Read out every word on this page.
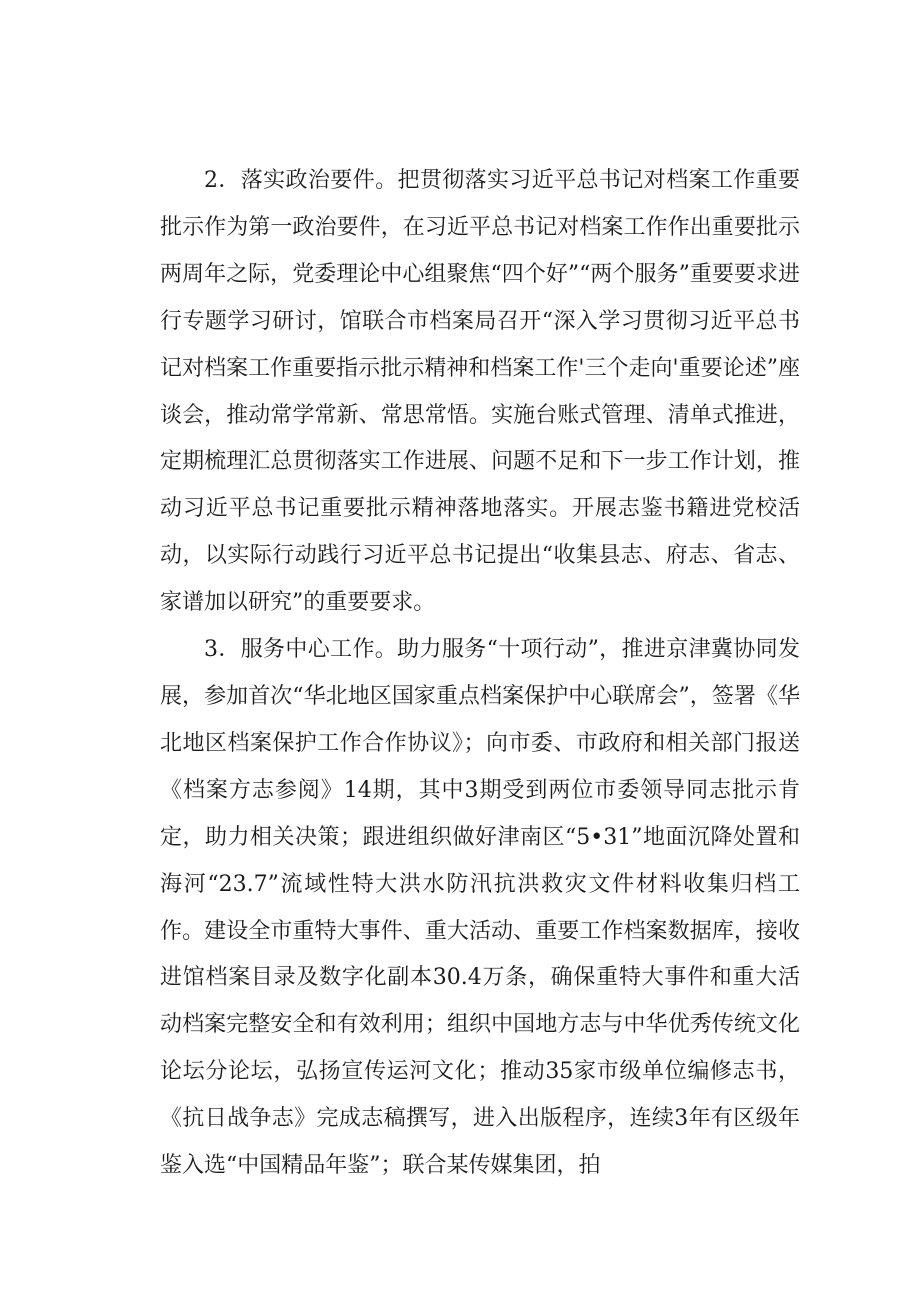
2．落实政治要件。把贯彻落实习近平总书记对档案工作重要批示作为第一政治要件，在习近平总书记对档案工作作出重要批示两周年之际，党委理论中心组聚焦“四个好”“两个服务”重要要求进行专题学习研讨，馆联合市档案局召开“深入学习贯彻习近平总书记对档案工作重要指示批示精神和档案工作'三个走向'重要论述”座谈会，推动常学常新、常思常悟。实施台账式管理、清单式推进，定期梳理汇总贯彻落实工作进展、问题不足和下一步工作计划，推动习近平总书记重要批示精神落地落实。开展志鉴书籍进党校活动，以实际行动践行习近平总书记提出“收集县志、府志、省志、家谱加以研究”的重要要求。

3．服务中心工作。助力服务“十项行动”，推进京津冀协同发展，参加首次“华北地区国家重点档案保护中心联席会”，签署《华北地区档案保护工作合作协议》；向市委、市政府和相关部门报送《档案方志参阅》14期，其中3期受到两位市委领导同志批示肯定，助力相关决策；跟进组织做好津南区“5•31”地面沉降处置和海河“23.7”流域性特大洪水防汛抗洪救灾文件材料收集归档工作。建设全市重特大事件、重大活动、重要工作档案数据库，接收进馆档案目录及数字化副本30.4万条，确保重特大事件和重大活动档案完整安全和有效利用；组织中国地方志与中华优秀传统文化论坛分论坛，弘扬宣传运河文化；推动35家市级单位编修志书，《抗日战争志》完成志稿撰写，进入出版程序，连续3年有区级年鉴入选“中国精品年鉴”；联合某传媒集团，拍
